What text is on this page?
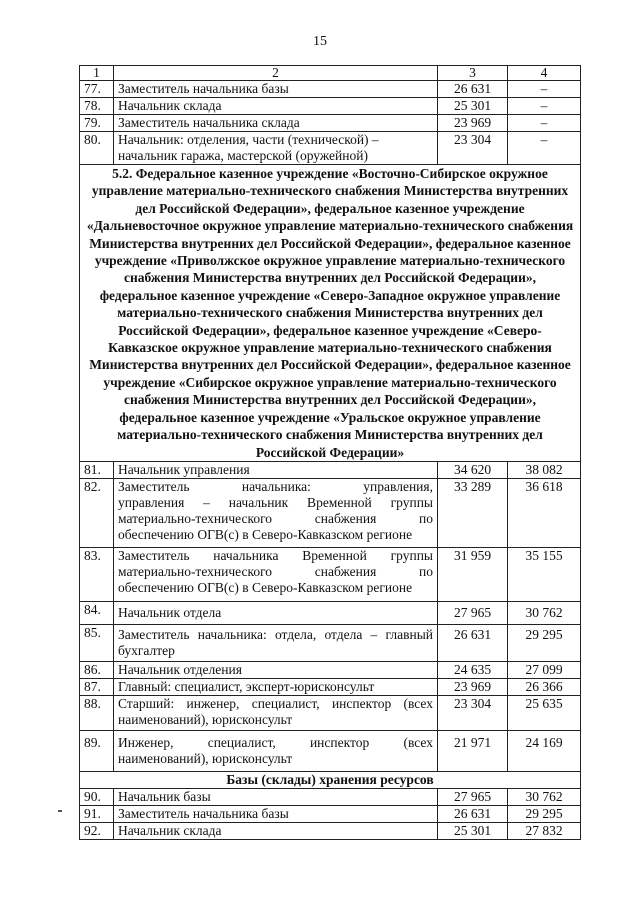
15
1	2	3	4
77.	Заместитель начальника базы	26 631	–
78.	Начальник склада	25 301	–
79.	Заместитель начальника склада	23 969	–
80.	Начальник: отделения, части (технической) –
начальник гаража, мастерской (оружейной)	23 304	–
5.2. Федеральное казенное учреждение «Восточно-Сибирское окружное управление материально-технического снабжения Министерства внутренних дел Российской Федерации», федеральное казенное учреждение «Дальневосточное окружное управление материально-технического снабжения Министерства внутренних дел Российской Федерации», федеральное казенное учреждение «Приволжское окружное управление материально-технического снабжения Министерства внутренних дел Российской Федерации», федеральное казенное учреждение «Северо-Западное окружное управление материально-технического снабжения Министерства внутренних дел Российской Федерации», федеральное казенное учреждение «Северо-Кавказское окружное управление материально-технического снабжения Министерства внутренних дел Российской Федерации», федеральное казенное учреждение «Сибирское окружное управление материально-технического снабжения Министерства внутренних дел Российской Федерации», федеральное казенное учреждение «Уральское окружное управление материально-технического снабжения Министерства внутренних дел Российской Федерации»			
81.	Начальник управления	34 620	38 082
82.	Заместитель начальника: управления,
управления – начальник Временной группы
материально-технического снабжения по
обеспечению ОГВ(с) в Северо-Кавказском регионе	33 289	36 618
83.	Заместитель начальника Временной группы
материально-технического снабжения по
обеспечению ОГВ(с) в Северо-Кавказском регионе	31 959	35 155
84.	Начальник отдела	27 965	30 762
85.	Заместитель начальника: отдела, отдела – главный
бухгалтер	26 631	29 295
86.	Начальник отделения	24 635	27 099
87.	Главный: специалист, эксперт-юрисконсульт	23 969	26 366
88.	Старший: инженер, специалист, инспектор (всех
наименований), юрисконсульт	23 304	25 635
89.	Инженер, специалист, инспектор (всех
наименований), юрисконсульт	21 971	24 169
Базы (склады) хранения ресурсов			
90.	Начальник базы	27 965	30 762
91.	Заместитель начальника базы	26 631	29 295
92.	Начальник склада	25 301	27 832
